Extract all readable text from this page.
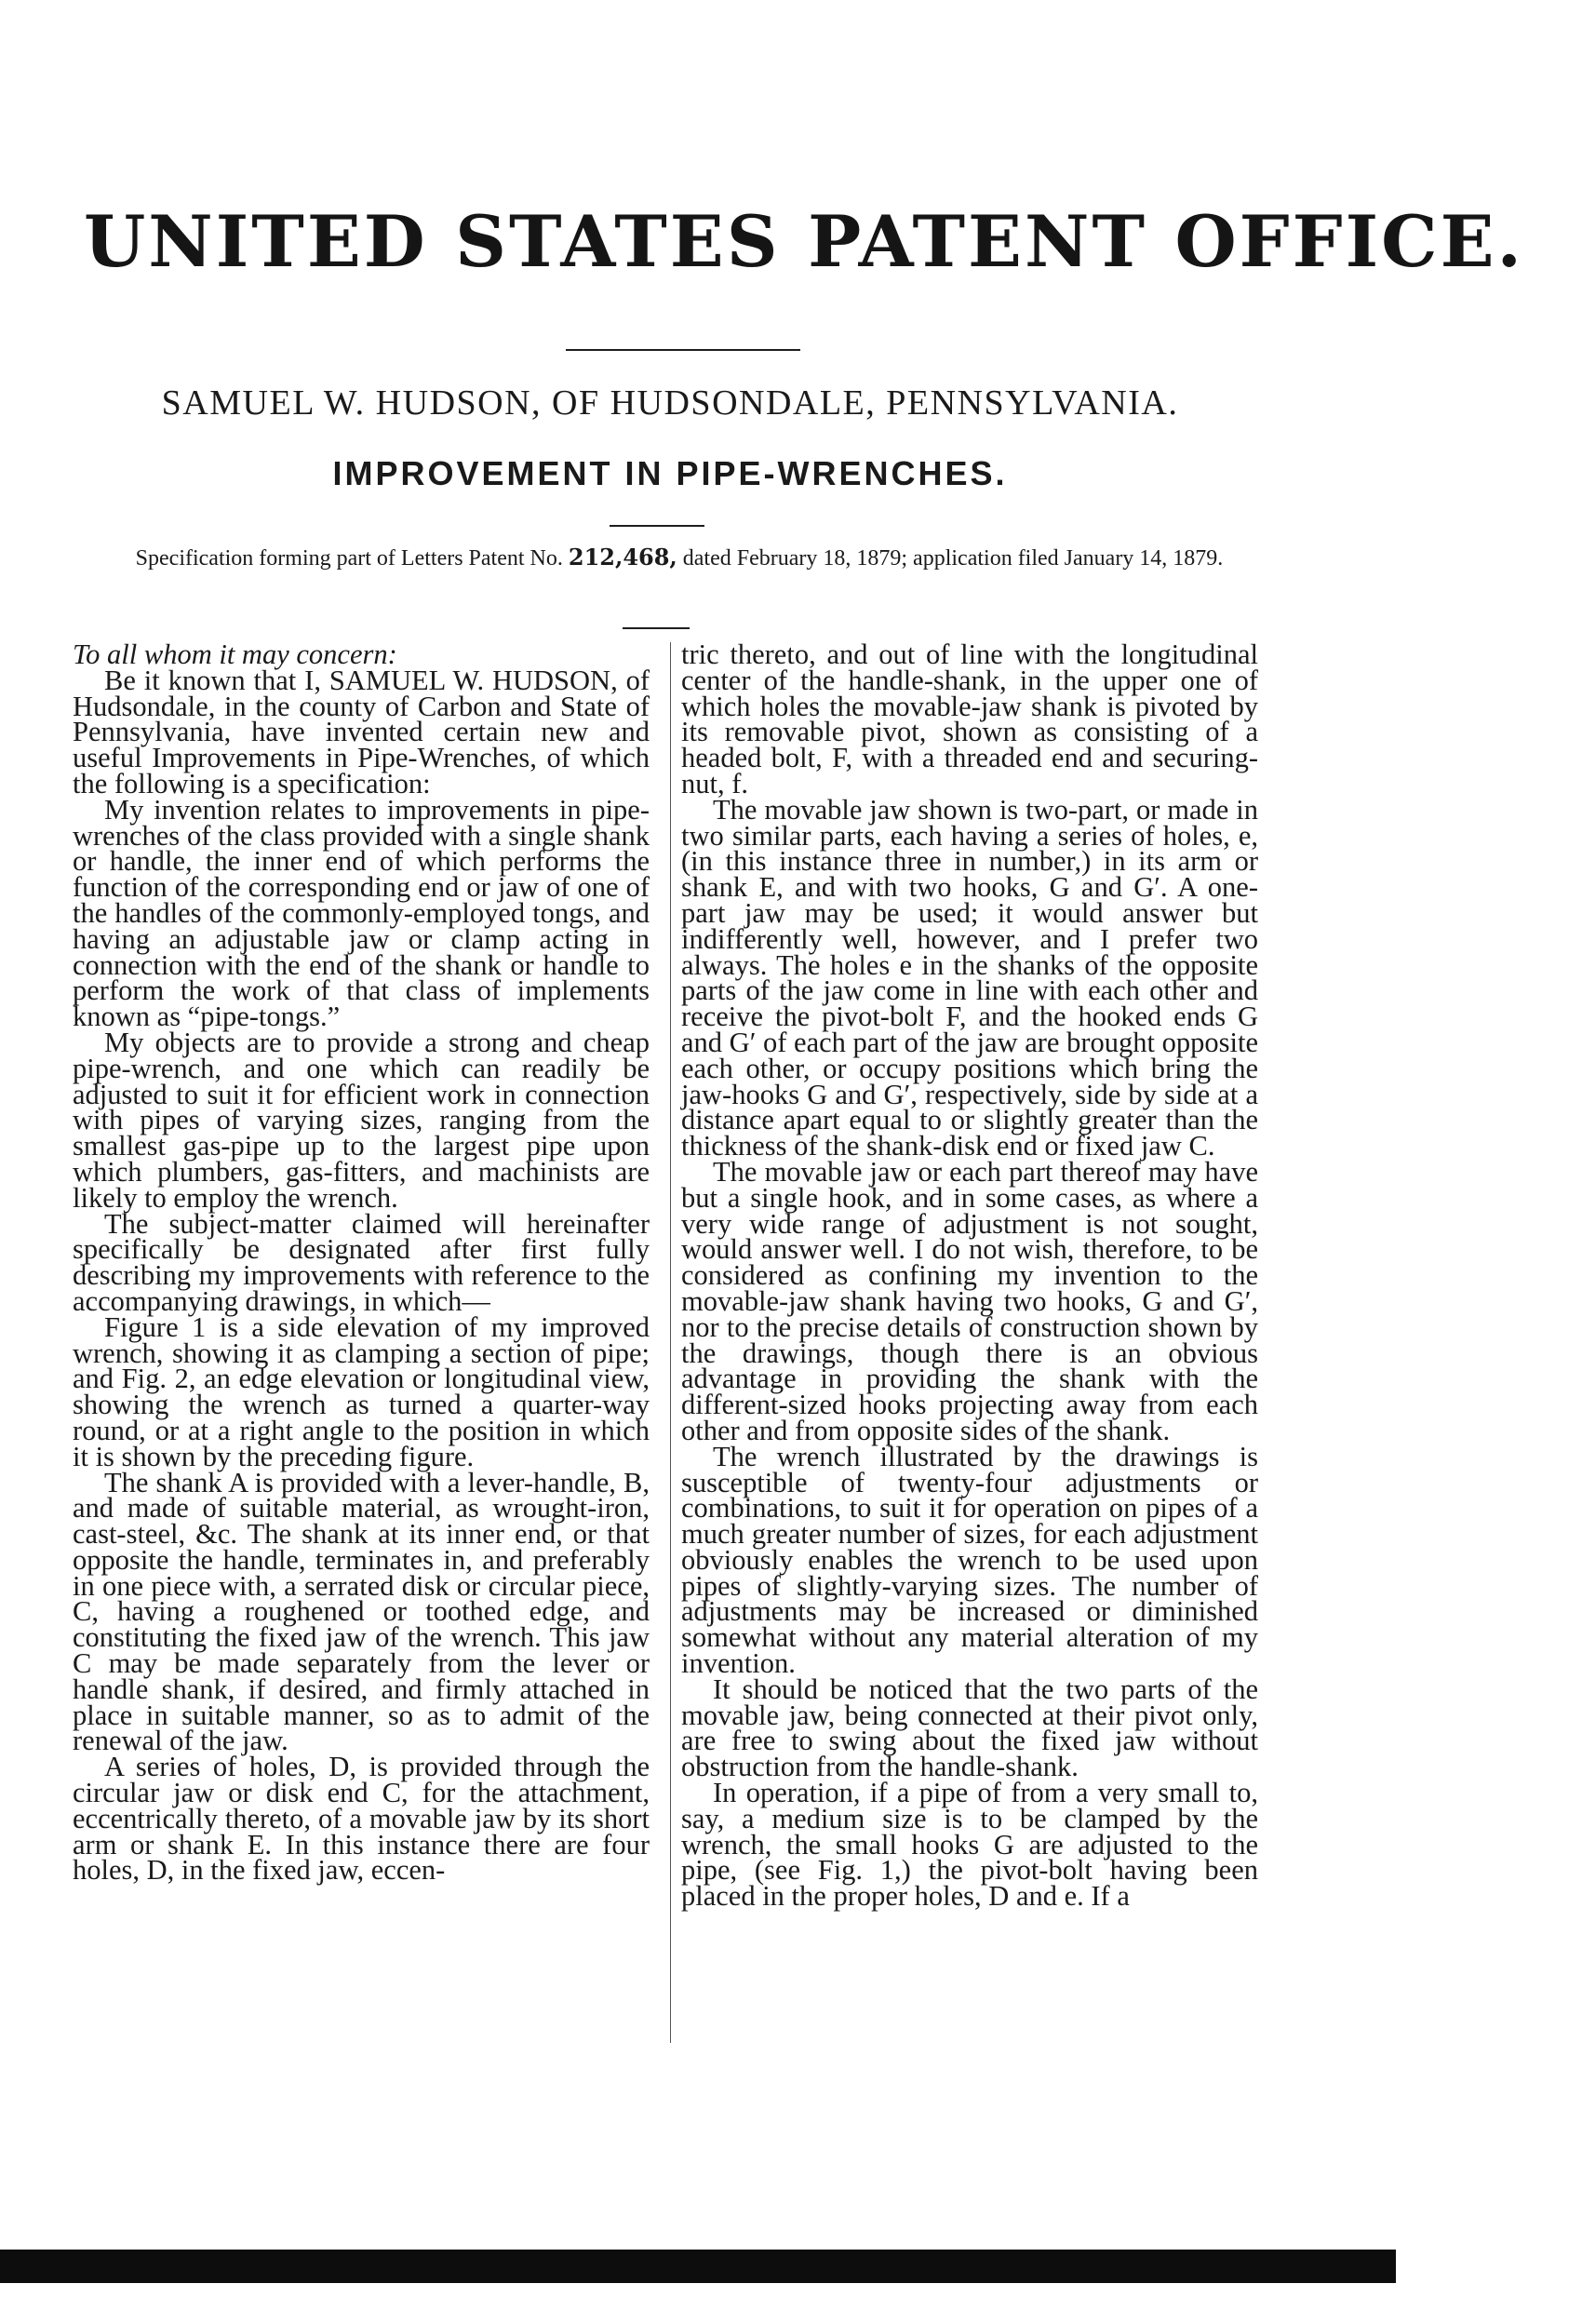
UNITED STATES PATENT OFFICE.
SAMUEL W. HUDSON, OF HUDSONDALE, PENNSYLVANIA.
IMPROVEMENT IN PIPE-WRENCHES.
Specification forming part of Letters Patent No. 212,468, dated February 18, 1879; application filed January 14, 1879.

To all whom it may concern:

Be it known that I, SAMUEL W. HUDSON, of Hudsondale, in the county of Carbon and State of Pennsylvania, have invented certain new and useful Improvements in Pipe-Wrenches, of which the following is a specification:

My invention relates to improvements in pipe-wrenches of the class provided with a single shank or handle, the inner end of which performs the function of the corresponding end or jaw of one of the handles of the commonly-employed tongs, and having an adjustable jaw or clamp acting in connection with the end of the shank or handle to perform the work of that class of implements known as “pipe-tongs.”

My objects are to provide a strong and cheap pipe-wrench, and one which can readily be adjusted to suit it for efficient work in connection with pipes of varying sizes, ranging from the smallest gas-pipe up to the largest pipe upon which plumbers, gas-fitters, and machinists are likely to employ the wrench.

The subject-matter claimed will hereinafter specifically be designated after first fully describing my improvements with reference to the accompanying drawings, in which—

Figure 1 is a side elevation of my improved wrench, showing it as clamping a section of pipe; and Fig. 2, an edge elevation or longitudinal view, showing the wrench as turned a quarter-way round, or at a right angle to the position in which it is shown by the preceding figure.

The shank A is provided with a lever-handle, B, and made of suitable material, as wrought-iron, cast-steel, &c. The shank at its inner end, or that opposite the handle, terminates in, and preferably in one piece with, a serrated disk or circular piece, C, having a roughened or toothed edge, and constituting the fixed jaw of the wrench. This jaw C may be made separately from the lever or handle shank, if desired, and firmly attached in place in suitable manner, so as to admit of the renewal of the jaw.

A series of holes, D, is provided through the circular jaw or disk end C, for the attachment, eccentrically thereto, of a movable jaw by its short arm or shank E. In this instance there are four holes, D, in the fixed jaw, eccen-

tric thereto, and out of line with the longitudinal center of the handle-shank, in the upper one of which holes the movable-jaw shank is pivoted by its removable pivot, shown as consisting of a headed bolt, F, with a threaded end and securing-nut, f.

The movable jaw shown is two-part, or made in two similar parts, each having a series of holes, e, (in this instance three in number,) in its arm or shank E, and with two hooks, G and G′. A one-part jaw may be used; it would answer but indifferently well, however, and I prefer two always. The holes e in the shanks of the opposite parts of the jaw come in line with each other and receive the pivot-bolt F, and the hooked ends G and G′ of each part of the jaw are brought opposite each other, or occupy positions which bring the jaw-hooks G and G′, respectively, side by side at a distance apart equal to or slightly greater than the thickness of the shank-disk end or fixed jaw C.

The movable jaw or each part thereof may have but a single hook, and in some cases, as where a very wide range of adjustment is not sought, would answer well. I do not wish, therefore, to be considered as confining my invention to the movable-jaw shank having two hooks, G and G′, nor to the precise details of construction shown by the drawings, though there is an obvious advantage in providing the shank with the different-sized hooks projecting away from each other and from opposite sides of the shank.

The wrench illustrated by the drawings is susceptible of twenty-four adjustments or combinations, to suit it for operation on pipes of a much greater number of sizes, for each adjustment obviously enables the wrench to be used upon pipes of slightly-varying sizes. The number of adjustments may be increased or diminished somewhat without any material alteration of my invention.

It should be noticed that the two parts of the movable jaw, being connected at their pivot only, are free to swing about the fixed jaw without obstruction from the handle-shank.

In operation, if a pipe of from a very small to, say, a medium size is to be clamped by the wrench, the small hooks G are adjusted to the pipe, (see Fig. 1,) the pivot-bolt having been placed in the proper holes, D and e. If a
